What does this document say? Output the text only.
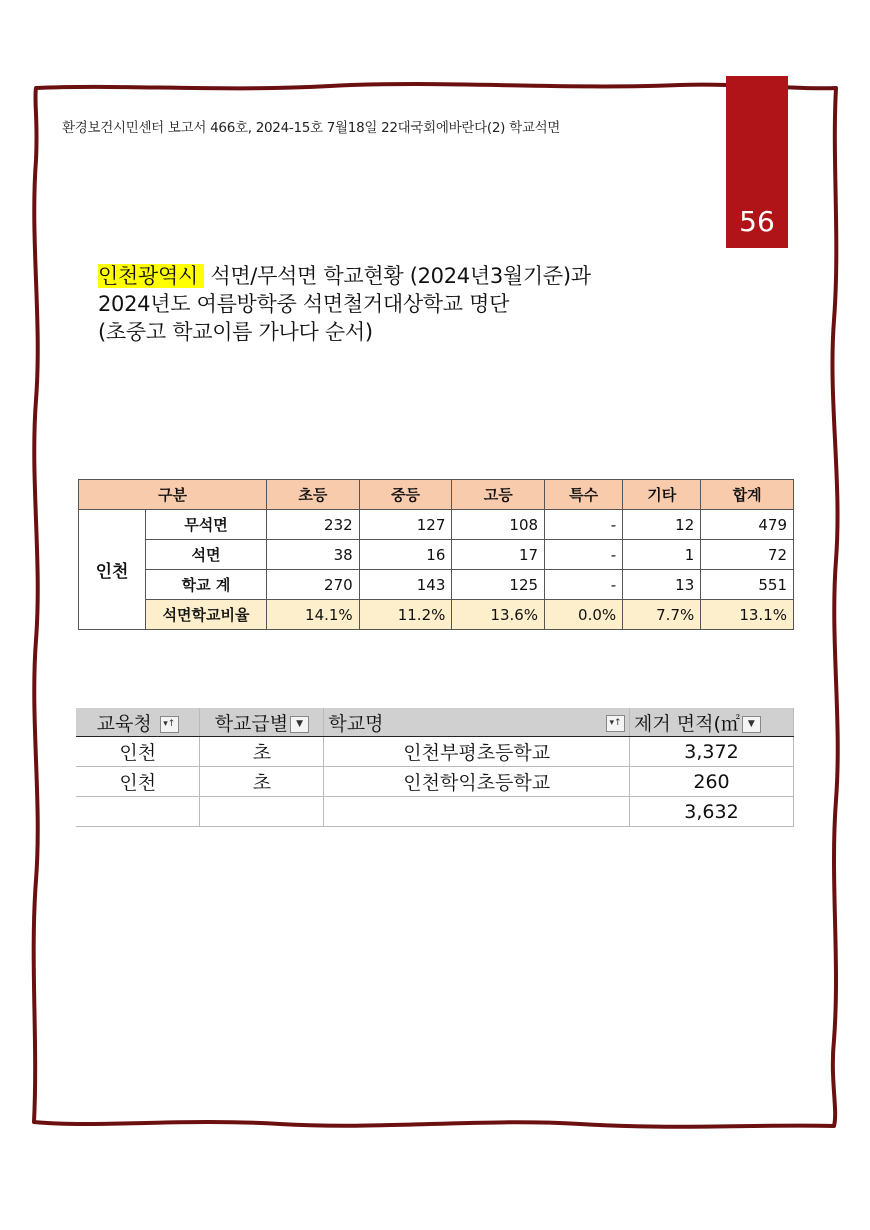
환경보건시민센터 보고서 466호, 2024-15호 7월18일 22대국회에바란다(2) 학교석면
56
인천광역시 석면/무석면 학교현황 (2024년3월기준)과
2024년도 여름방학중 석면철거대상학교 명단
(초중고 학교이름 가나다 순서)
구분		초등	중등	고등	특수	기타	합계
인천	무석면	232	127	108	-	12	479
	석면	38	16	17	-	1	72
	학교 계	270	143	125	-	13	551
	석면학교비율	14.1%	11.2%	13.6%	0.0%	7.7%	13.1%
교육청 ▾↑	학교급별 ▼	학교명 ▾↑	제거 면적(㎡ ▼
인천	초	인천부평초등학교	3,372
인천	초	인천학익초등학교	260
			3,632
